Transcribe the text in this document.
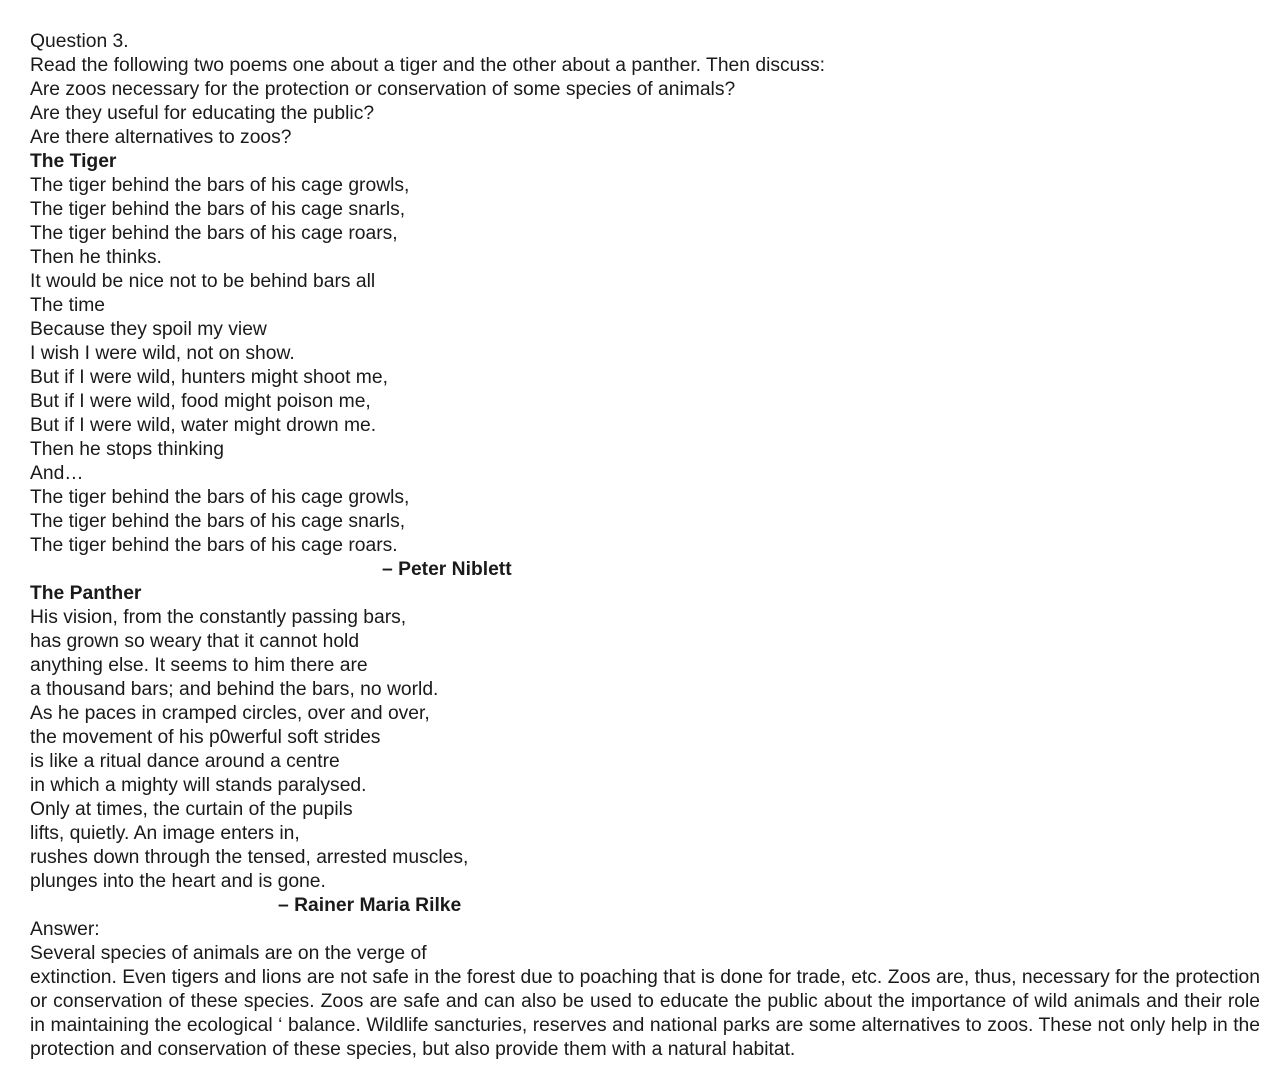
Question 3.
Read the following two poems one about a tiger and the other about a panther. Then discuss:
Are zoos necessary for the protection or conservation of some species of animals?
Are they useful for educating the public?
Are there alternatives to zoos?
The Tiger
The tiger behind the bars of his cage growls,
The tiger behind the bars of his cage snarls,
The tiger behind the bars of his cage roars,
Then he thinks.
It would be nice not to be behind bars all
The time
Because they spoil my view
I wish I were wild, not on show.
But if I were wild, hunters might shoot me,
But if I were wild, food might poison me,
But if I were wild, water might drown me.
Then he stops thinking
And…
The tiger behind the bars of his cage growls,
The tiger behind the bars of his cage snarls,
The tiger behind the bars of his cage roars.
– Peter Niblett
The Panther
His vision, from the constantly passing bars,
has grown so weary that it cannot hold
anything else. It seems to him there are
a thousand bars; and behind the bars, no world.
As he paces in cramped circles, over and over,
the movement of his p0werful soft strides
is like a ritual dance around a centre
in which a mighty will stands paralysed.
Only at times, the curtain of the pupils
lifts, quietly. An image enters in,
rushes down through the tensed, arrested muscles,
plunges into the heart and is gone.
– Rainer Maria Rilke
Answer:
Several species of animals are on the verge of
extinction. Even tigers and lions are not safe in the forest due to poaching that is done for trade, etc. Zoos are, thus, necessary for the protection or conservation of these species. Zoos are safe and can also be used to educate the public about the importance of wild animals and their role in maintaining the ecological ‘ balance. Wildlife sancturies, reserves and national parks are some alternatives to zoos. These not only help in the protection and conservation of these species, but also provide them with a natural habitat.
